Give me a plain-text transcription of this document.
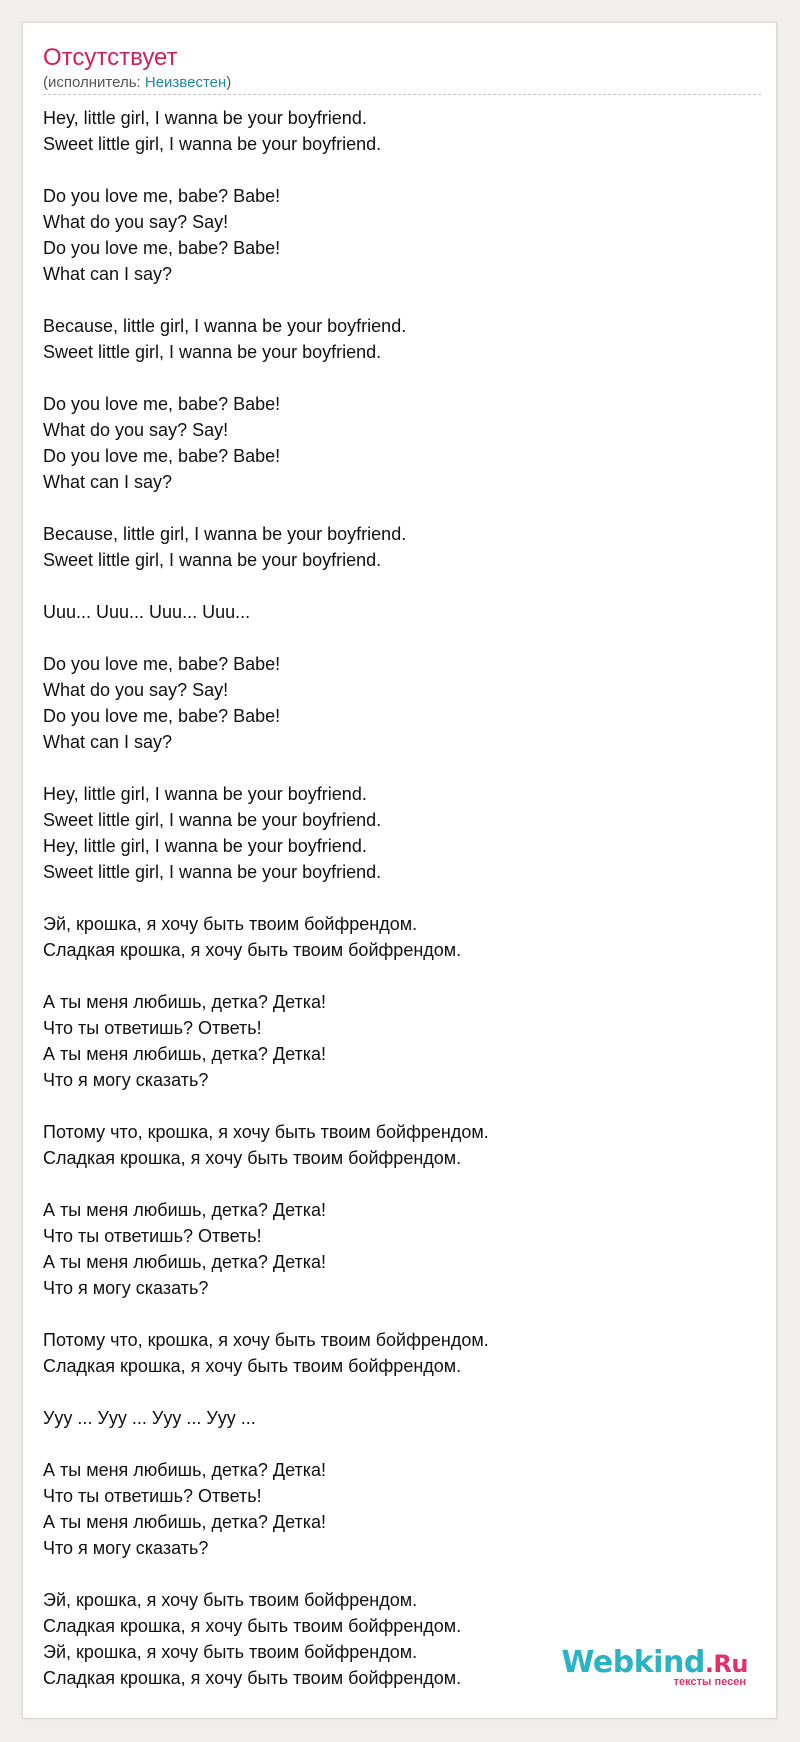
Отсутствует
(исполнитель: Неизвестен)
Hey, little girl, I wanna be your boyfriend.
Sweet little girl, I wanna be your boyfriend.
Do you love me, babe? Babe!
What do you say? Say!
Do you love me, babe? Babe!
What can I say?
Because, little girl, I wanna be your boyfriend.
Sweet little girl, I wanna be your boyfriend.
Do you love me, babe? Babe!
What do you say? Say!
Do you love me, babe? Babe!
What can I say?
Because, little girl, I wanna be your boyfriend.
Sweet little girl, I wanna be your boyfriend.
Uuu... Uuu... Uuu... Uuu...
Do you love me, babe? Babe!
What do you say? Say!
Do you love me, babe? Babe!
What can I say?
Hey, little girl, I wanna be your boyfriend.
Sweet little girl, I wanna be your boyfriend.
Hey, little girl, I wanna be your boyfriend.
Sweet little girl, I wanna be your boyfriend.
Эй, крошка, я хочу быть твоим бойфрендом.
Сладкая крошка, я хочу быть твоим бойфрендом.
А ты меня любишь, детка? Детка!
Что ты ответишь? Ответь!
А ты меня любишь, детка? Детка!
Что я могу сказать?
Потому что, крошка, я хочу быть твоим бойфрендом.
Сладкая крошка, я хочу быть твоим бойфрендом.
А ты меня любишь, детка? Детка!
Что ты ответишь? Ответь!
А ты меня любишь, детка? Детка!
Что я могу сказать?
Потому что, крошка, я хочу быть твоим бойфрендом.
Сладкая крошка, я хочу быть твоим бойфрендом.
Ууу ... Ууу ... Ууу ... Ууу ...
А ты меня любишь, детка? Детка!
Что ты ответишь? Ответь!
А ты меня любишь, детка? Детка!
Что я могу сказать?
Эй, крошка, я хочу быть твоим бойфрендом.
Сладкая крошка, я хочу быть твоим бойфрендом.
Эй, крошка, я хочу быть твоим бойфрендом.
Сладкая крошка, я хочу быть твоим бойфрендом.	Webkind.Ru
тексты песен
